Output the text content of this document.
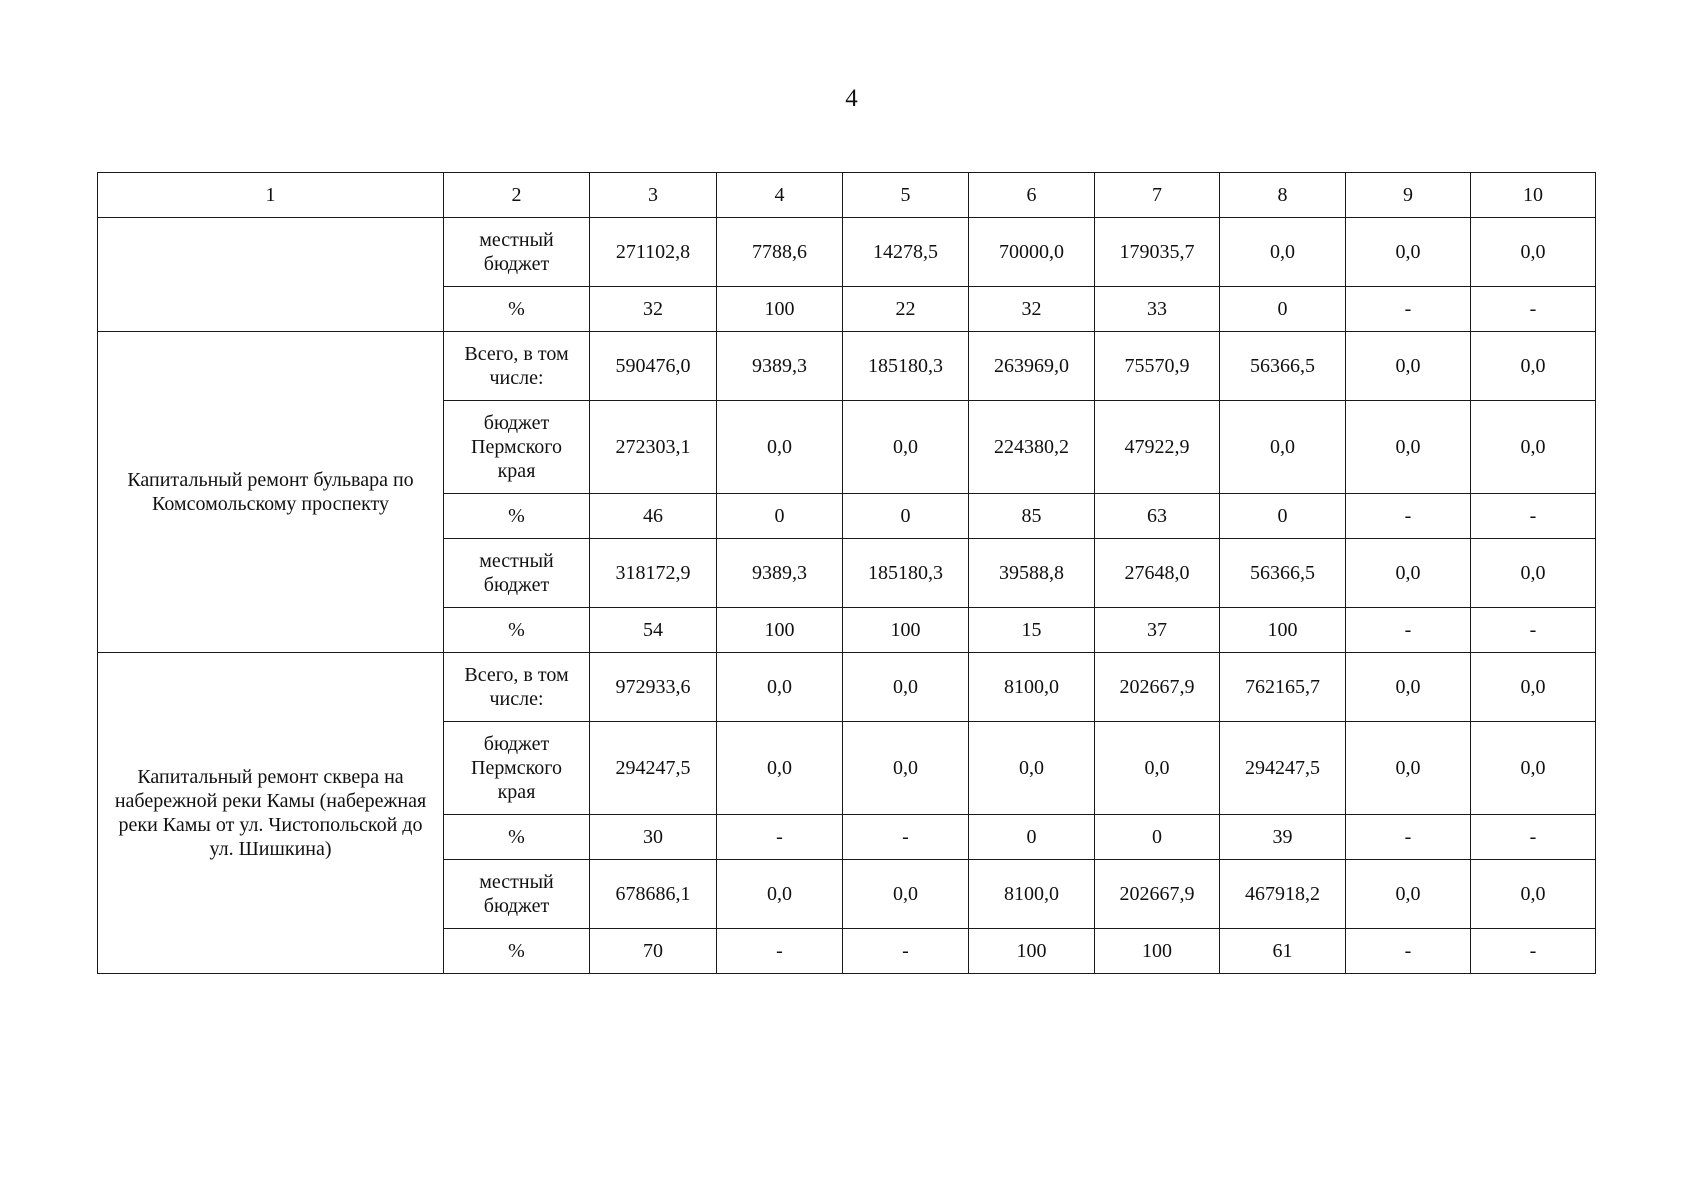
4
1	2	3	4	5	6	7	8	9	10
	местный бюджет	271102,8	7788,6	14278,5	70000,0	179035,7	0,0	0,0	0,0
	%	32	100	22	32	33	0	-	-
Капитальный ремонт бульвара по Комсомольскому проспекту	Всего, в том числе:	590476,0	9389,3	185180,3	263969,0	75570,9	56366,5	0,0	0,0
	бюджет Пермского края	272303,1	0,0	0,0	224380,2	47922,9	0,0	0,0	0,0
	%	46	0	0	85	63	0	-	-
	местный бюджет	318172,9	9389,3	185180,3	39588,8	27648,0	56366,5	0,0	0,0
	%	54	100	100	15	37	100	-	-
Капитальный ремонт сквера на набережной реки Камы (набережная реки Камы от ул. Чистопольской до ул. Шишкина)	Всего, в том числе:	972933,6	0,0	0,0	8100,0	202667,9	762165,7	0,0	0,0
	бюджет Пермского края	294247,5	0,0	0,0	0,0	0,0	294247,5	0,0	0,0
	%	30	-	-	0	0	39	-	-
	местный бюджет	678686,1	0,0	0,0	8100,0	202667,9	467918,2	0,0	0,0
	%	70	-	-	100	100	61	-	-
